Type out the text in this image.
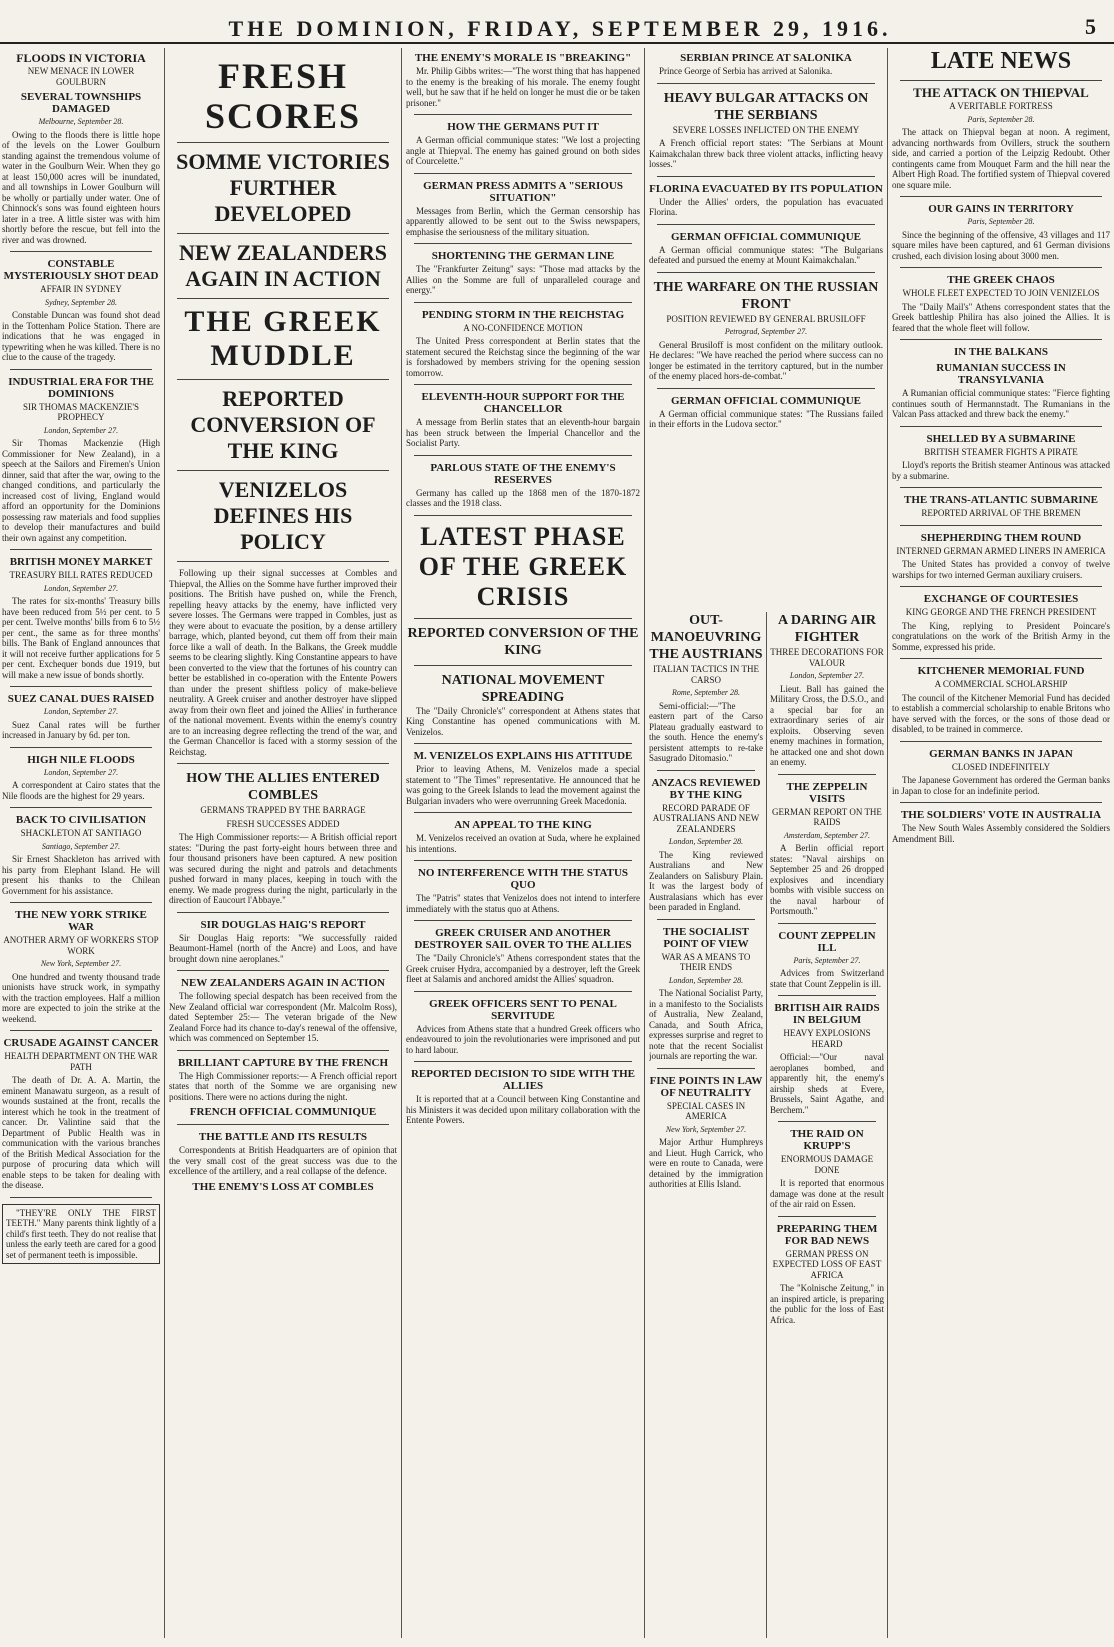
THE DOMINION, FRIDAY, SEPTEMBER 29, 1916.	5
FLOODS IN VICTORIA
NEW MENACE IN LOWER GOULBURN
SEVERAL TOWNSHIPS DAMAGED
Melbourne, September 28.

Owing to the floods there is little hope of the levels on the Lower Goulburn standing against the tremendous volume of water in the Goulburn Weir. When they go at least 150,000 acres will be inundated, and all townships in Lower Goulburn will be wholly or partially under water. One of Chinnock's sons was found eighteen hours later in a tree. A little sister was with him shortly before the rescue, but fell into the river and was drowned.

CONSTABLE MYSTERIOUSLY SHOT DEAD
AFFAIR IN SYDNEY
Sydney, September 28.

Constable Duncan was found shot dead in the Tottenham Police Station. There are indications that he was engaged in typewriting when he was killed. There is no clue to the cause of the tragedy.

INDUSTRIAL ERA FOR THE DOMINIONS
SIR THOMAS MACKENZIE'S PROPHECY
London, September 27.

Sir Thomas Mackenzie (High Commissioner for New Zealand), in a speech at the Sailors and Firemen's Union dinner, said that after the war, owing to the changed conditions, and particularly the increased cost of living, England would afford an opportunity for the Dominions possessing raw materials and food supplies to develop their manufactures and build their own against any competition.

BRITISH MONEY MARKET
TREASURY BILL RATES REDUCED
London, September 27.

The rates for six-months' Treasury bills have been reduced from 5½ per cent. to 5 per cent. Twelve months' bills from 6 to 5½ per cent., the same as for three months' bills. The Bank of England announces that it will not receive further applications for 5 per cent. Exchequer bonds due 1919, but will make a new issue of bonds shortly.

SUEZ CANAL DUES RAISED
London, September 27.

Suez Canal rates will be further increased in January by 6d. per ton.

HIGH NILE FLOODS
London, September 27.

A correspondent at Cairo states that the Nile floods are the highest for 29 years.

BACK TO CIVILISATION
SHACKLETON AT SANTIAGO
Santiago, September 27.

Sir Ernest Shackleton has arrived with his party from Elephant Island. He will present his thanks to the Chilean Government for his assistance.

THE NEW YORK STRIKE WAR
ANOTHER ARMY OF WORKERS STOP WORK
New York, September 27.

One hundred and twenty thousand trade unionists have struck work, in sympathy with the traction employees. Half a million more are expected to join the strike at the weekend.

CRUSADE AGAINST CANCER
HEALTH DEPARTMENT ON THE WAR PATH

The death of Dr. A. A. Martin, the eminent Manawatu surgeon, as a result of wounds sustained at the front, recalls the interest which he took in the treatment of cancer. Dr. Valintine said that the Department of Public Health was in communication with the various branches of the British Medical Association for the purpose of procuring data which will enable steps to be taken for dealing with the disease.

"THEY'RE ONLY THE FIRST TEETH." Many parents think lightly of a child's first teeth. They do not realise that unless the early teeth are cared for a good set of permanent teeth is impossible.

FRESH SCORES
SOMME VICTORIES FURTHER DEVELOPED
NEW ZEALANDERS AGAIN IN ACTION
THE GREEK MUDDLE
REPORTED CONVERSION OF THE KING
VENIZELOS DEFINES HIS POLICY

Following up their signal successes at Combles and Thiepval, the Allies on the Somme have further improved their positions. The British have pushed on, while the French, repelling heavy attacks by the enemy, have inflicted very severe losses. The Germans were trapped in Combles, just as they were about to evacuate the position, by a dense artillery barrage, which, planted beyond, cut them off from their main force like a wall of death. In the Balkans, the Greek muddle seems to be clearing slightly. King Constantine appears to have been converted to the view that the fortunes of his country can better be established in co-operation with the Entente Powers than under the present shiftless policy of make-believe neutrality. A Greek cruiser and another destroyer have slipped away from their own fleet and joined the Allies' in furtherance of the national movement. Events within the enemy's country are to an increasing degree reflecting the trend of the war, and the German Chancellor is faced with a stormy session of the Reichstag.

HOW THE ALLIES ENTERED COMBLES
GERMANS TRAPPED BY THE BARRAGE
FRESH SUCCESSES ADDED

The High Commissioner reports:— A British official report states: "During the past forty-eight hours between three and four thousand prisoners have been captured. A new position was secured during the night and patrols and detachments pushed forward in many places, keeping in touch with the enemy. We made progress during the night, particularly in the direction of Eaucourt l'Abbaye."

SIR DOUGLAS HAIG'S REPORT

Sir Douglas Haig reports: "We successfully raided Beaumont-Hamel (north of the Ancre) and Loos, and have brought down nine aeroplanes."

NEW ZEALANDERS AGAIN IN ACTION

The following special despatch has been received from the New Zealand official war correspondent (Mr. Malcolm Ross), dated September 25:— The veteran brigade of the New Zealand Force had its chance to-day's renewal of the offensive, which was commenced on September 15.

BRILLIANT CAPTURE BY THE FRENCH

The High Commissioner reports:— A French official report states that north of the Somme we are organising new positions. There were no actions during the night.

FRENCH OFFICIAL COMMUNIQUE
THE BATTLE AND ITS RESULTS

Correspondents at British Headquarters are of opinion that the very small cost of the great success was due to the excellence of the artillery, and a real collapse of the defence.

THE ENEMY'S LOSS AT COMBLES
THE ENEMY'S MORALE IS "BREAKING"

Mr. Philip Gibbs writes:—"The worst thing that has happened to the enemy is the breaking of his morale. The enemy fought well, but he saw that if he held on longer he must die or be taken prisoner."

HOW THE GERMANS PUT IT

A German official communique states: "We lost a projecting angle at Thiepval. The enemy has gained ground on both sides of Courcelette."

GERMAN PRESS ADMITS A "SERIOUS SITUATION"

Messages from Berlin, which the German censorship has apparently allowed to be sent out to the Swiss newspapers, emphasise the seriousness of the military situation.

SHORTENING THE GERMAN LINE

The "Frankfurter Zeitung" says: "Those mad attacks by the Allies on the Somme are full of unparalleled courage and energy."

PENDING STORM IN THE REICHSTAG
A NO-CONFIDENCE MOTION

The United Press correspondent at Berlin states that the statement secured the Reichstag since the beginning of the war is forshadowed by members striving for the opening session tomorrow.

ELEVENTH-HOUR SUPPORT FOR THE CHANCELLOR

A message from Berlin states that an eleventh-hour bargain has been struck between the Imperial Chancellor and the Socialist Party.

PARLOUS STATE OF THE ENEMY'S RESERVES

Germany has called up the 1868 men of the 1870-1872 classes and the 1918 class.

LATEST PHASE OF THE GREEK CRISIS
REPORTED CONVERSION OF THE KING
NATIONAL MOVEMENT SPREADING

The "Daily Chronicle's" correspondent at Athens states that King Constantine has opened communications with M. Venizelos.

M. VENIZELOS EXPLAINS HIS ATTITUDE

Prior to leaving Athens, M. Venizelos made a special statement to "The Times" representative. He announced that he was going to the Greek Islands to lead the movement against the Bulgarian invaders who were overrunning Greek Macedonia.

AN APPEAL TO THE KING

M. Venizelos received an ovation at Suda, where he explained his intentions.

NO INTERFERENCE WITH THE STATUS QUO

The "Patris" states that Venizelos does not intend to interfere immediately with the status quo at Athens.

GREEK CRUISER AND ANOTHER DESTROYER SAIL OVER TO THE ALLIES

The "Daily Chronicle's" Athens correspondent states that the Greek cruiser Hydra, accompanied by a destroyer, left the Greek fleet at Salamis and anchored amidst the Allies' squadron.

GREEK OFFICERS SENT TO PENAL SERVITUDE

Advices from Athens state that a hundred Greek officers who endeavoured to join the revolutionaries were imprisoned and put to hard labour.

REPORTED DECISION TO SIDE WITH THE ALLIES

It is reported that at a Council between King Constantine and his Ministers it was decided upon military collaboration with the Entente Powers.

SERBIAN PRINCE AT SALONIKA

Prince George of Serbia has arrived at Salonika.

HEAVY BULGAR ATTACKS ON THE SERBIANS
SEVERE LOSSES INFLICTED ON THE ENEMY

A French official report states: "The Serbians at Mount Kaimakchalan threw back three violent attacks, inflicting heavy losses."

FLORINA EVACUATED BY ITS POPULATION

Under the Allies' orders, the population has evacuated Florina.

GERMAN OFFICIAL COMMUNIQUE

A German official communique states: "The Bulgarians defeated and pursued the enemy at Mount Kaimakchalan."

THE WARFARE ON THE RUSSIAN FRONT
POSITION REVIEWED BY GENERAL BRUSILOFF
Petrograd, September 27.

General Brusiloff is most confident on the military outlook. He declares: "We have reached the period where success can no longer be estimated in the territory captured, but in the number of the enemy placed hors-de-combat."

GERMAN OFFICIAL COMMUNIQUE

A German official communique states: "The Russians failed in their efforts in the Ludova sector."

OUT-MANOEUVRING THE AUSTRIANS
ITALIAN TACTICS IN THE CARSO
Rome, September 28.

Semi-official:—"The eastern part of the Carso Plateau gradually eastward to the south. Hence the enemy's persistent attempts to re-take Sasugrado Ditomasio."

ANZACS REVIEWED BY THE KING
RECORD PARADE OF AUSTRALIANS AND NEW ZEALANDERS
London, September 28.

The King reviewed Australians and New Zealanders on Salisbury Plain. It was the largest body of Australasians which has ever been paraded in England.

THE SOCIALIST POINT OF VIEW
WAR AS A MEANS TO THEIR ENDS
London, September 28.

The National Socialist Party, in a manifesto to the Socialists of Australia, New Zealand, Canada, and South Africa, expresses surprise and regret to note that the recent Socialist journals are reporting the war.

FINE POINTS IN LAW OF NEUTRALITY
SPECIAL CASES IN AMERICA
New York, September 27.

Major Arthur Humphreys and Lieut. Hugh Carrick, who were en route to Canada, were detained by the immigration authorities at Ellis Island.

A DARING AIR FIGHTER
THREE DECORATIONS FOR VALOUR
London, September 27.

Lieut. Ball has gained the Military Cross, the D.S.O., and a special bar for an extraordinary series of air exploits. Observing seven enemy machines in formation, he attacked one and shot down an enemy.

THE ZEPPELIN VISITS
GERMAN REPORT ON THE RAIDS
Amsterdam, September 27.

A Berlin official report states: "Naval airships on September 25 and 26 dropped explosives and incendiary bombs with visible success on the naval harbour of Portsmouth."

COUNT ZEPPELIN ILL
Paris, September 27.

Advices from Switzerland state that Count Zeppelin is ill.

BRITISH AIR RAIDS IN BELGIUM
HEAVY EXPLOSIONS HEARD

Official:—"Our naval aeroplanes bombed, and apparently hit, the enemy's airship sheds at Evere, Brussels, Saint Agathe, and Berchem."

THE RAID ON KRUPP'S
ENORMOUS DAMAGE DONE

It is reported that enormous damage was done at the result of the air raid on Essen.

PREPARING THEM FOR BAD NEWS
GERMAN PRESS ON EXPECTED LOSS OF EAST AFRICA

The "Kolnische Zeitung," in an inspired article, is preparing the public for the loss of East Africa.

LATE NEWS
THE ATTACK ON THIEPVAL
A VERITABLE FORTRESS
Paris, September 28.

The attack on Thiepval began at noon. A regiment, advancing northwards from Ovillers, struck the southern side, and carried a portion of the Leipzig Redoubt. Other contingents came from Mouquet Farm and the hill near the Albert High Road. The fortified system of Thiepval covered one square mile.

OUR GAINS IN TERRITORY
Paris, September 28.

Since the beginning of the offensive, 43 villages and 117 square miles have been captured, and 61 German divisions crushed, each division losing about 3000 men.

THE GREEK CHAOS
WHOLE FLEET EXPECTED TO JOIN VENIZELOS

The "Daily Mail's" Athens correspondent states that the Greek battleship Philira has also joined the Allies. It is feared that the whole fleet will follow.

IN THE BALKANS
RUMANIAN SUCCESS IN TRANSYLVANIA

A Rumanian official communique states: "Fierce fighting continues south of Hermannstadt. The Rumanians in the Valcan Pass attacked and threw back the enemy."

SHELLED BY A SUBMARINE
BRITISH STEAMER FIGHTS A PIRATE

Lloyd's reports the British steamer Antinous was attacked by a submarine.

THE TRANS-ATLANTIC SUBMARINE
REPORTED ARRIVAL OF THE BREMEN
SHEPHERDING THEM ROUND
INTERNED GERMAN ARMED LINERS IN AMERICA

The United States has provided a convoy of twelve warships for two interned German auxiliary cruisers.

EXCHANGE OF COURTESIES
KING GEORGE AND THE FRENCH PRESIDENT

The King, replying to President Poincare's congratulations on the work of the British Army in the Somme, expressed his pride.

KITCHENER MEMORIAL FUND
A COMMERCIAL SCHOLARSHIP

The council of the Kitchener Memorial Fund has decided to establish a commercial scholarship to enable Britons who have served with the forces, or the sons of those dead or disabled, to be trained in commerce.

GERMAN BANKS IN JAPAN
CLOSED INDEFINITELY

The Japanese Government has ordered the German banks in Japan to close for an indefinite period.

THE SOLDIERS' VOTE IN AUSTRALIA

The New South Wales Assembly considered the Soldiers Amendment Bill.
